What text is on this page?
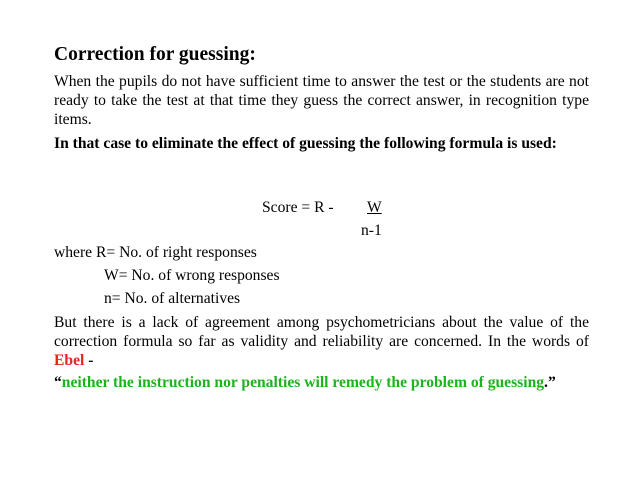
Correction for guessing:
When the pupils do not have sufficient time to answer the test or the students are not ready to take the test at that time they guess the correct answer, in recognition type items.
In that case to eliminate the effect of guessing the following formula is used:
Score = R -	W
n-1
where R= No. of right responses
W= No. of wrong responses
n= No. of alternatives
But there is a lack of agreement among psychometricians about the value of the correction formula so far as validity and reliability are concerned. In the words of Ebel -
“neither the instruction nor penalties will remedy the problem of guessing.”
